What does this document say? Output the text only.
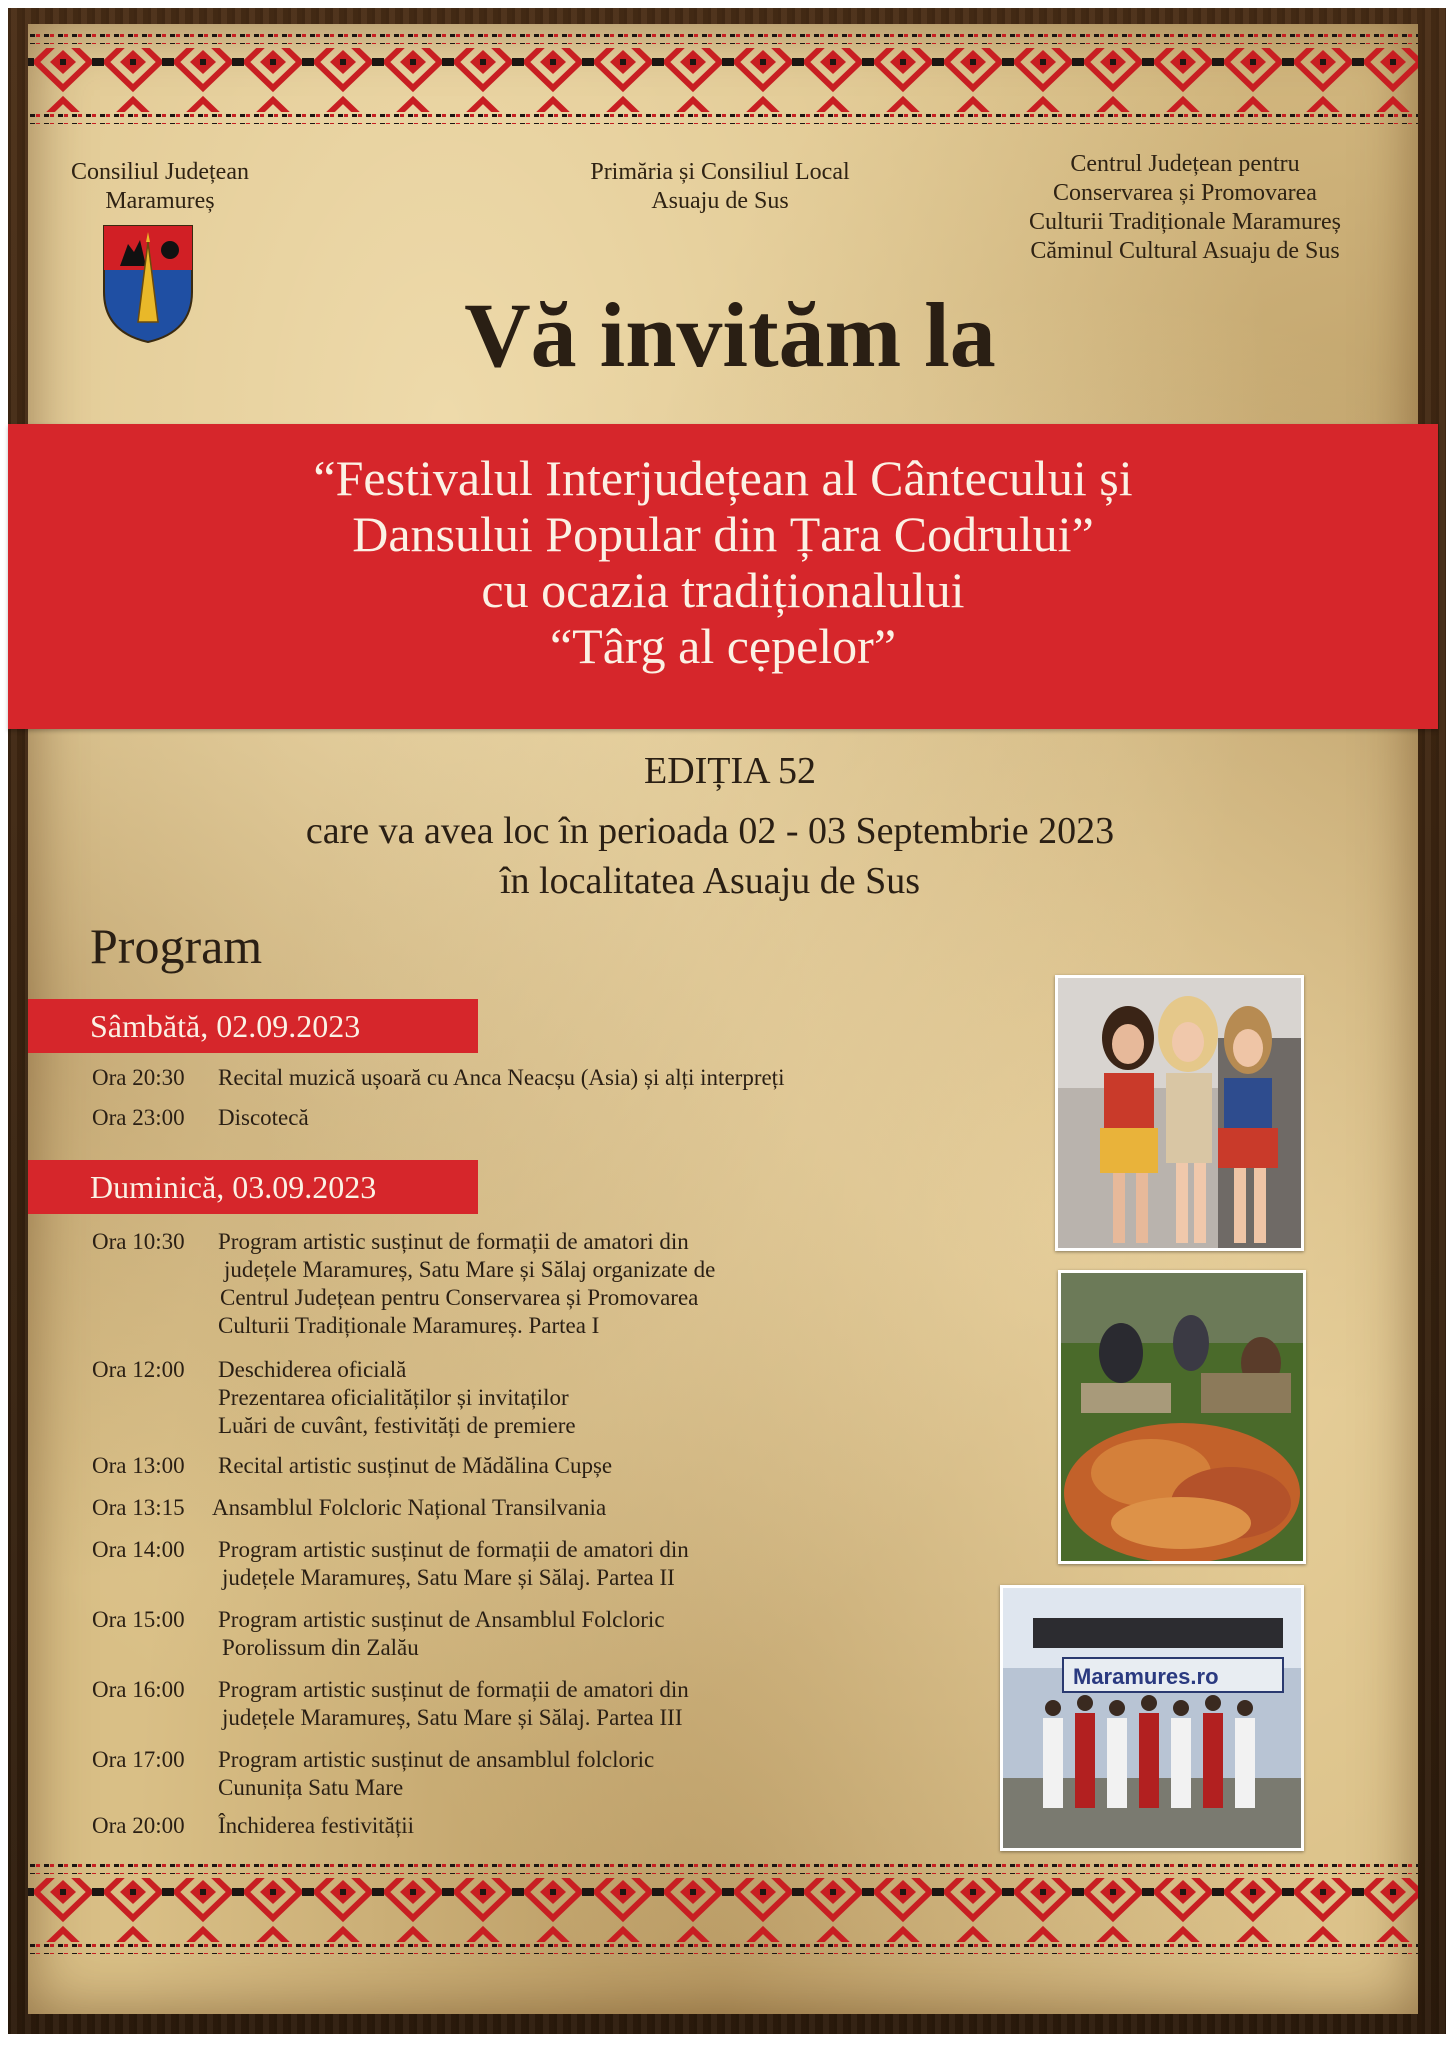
Consiliul Județean
Maramureș
Primăria și Consiliul Local
Asuaju de Sus
Centrul Județean pentru
Conservarea și Promovarea
Culturii Tradiționale Maramureș
Căminul Cultural Asuaju de Sus
Vă invităm la
“Festivalul Interjudețean al Cântecului și
Dansului Popular din Țara Codrului”
cu ocazia tradiționalului
“Târg al cẹpelor”
EDIȚIA 52
care va avea loc în perioada 02 - 03 Septembrie 2023
în localitatea Asuaju de Sus
Program
Sâmbătă, 02.09.2023
Ora 20:30 Recital muzică ușoară cu Anca Neacșu (Asia) și alți interpreți
Ora 23:00 Discotecă
Duminică, 03.09.2023
Ora 10:30 Program artistic susținut de formații de amatori din
județele Maramureș, Satu Mare și Sălaj organizate de
Centrul Județean pentru Conservarea și Promovarea
Culturii Tradiționale Maramureș. Partea I
Ora 12:00 Deschiderea oficială
Prezentarea oficialităților și invitaților
Luări de cuvânt, festivități de premiere
Ora 13:00 Recital artistic susținut de Mădălina Cupșe
Ora 13:15 Ansamblul Folcloric Național Transilvania
Ora 14:00 Program artistic susținut de formații de amatori din
județele Maramureș, Satu Mare și Sălaj. Partea II
Ora 15:00 Program artistic susținut de Ansamblul Folcloric
Porolissum din Zalău
Ora 16:00 Program artistic susținut de formații de amatori din
județele Maramureș, Satu Mare și Sălaj. Partea III
Ora 17:00 Program artistic susținut de ansamblul folcloric
Cununița Satu Mare
Ora 20:00 Închiderea festivității
Maramures.ro
